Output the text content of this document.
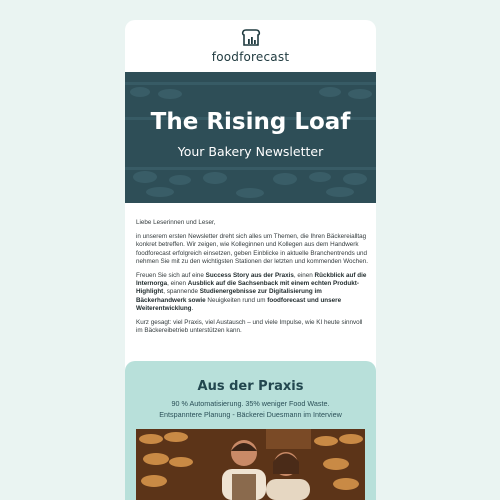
foodforecast
The Rising Loaf
Your Bakery Newsletter

Liebe Leserinnen und Leser,

in unserem ersten Newsletter dreht sich alles um Themen, die Ihren Bäckereialltag konkret betreffen. Wir zeigen, wie Kolleginnen und Kollegen aus dem Handwerk foodforecast erfolgreich einsetzen, geben Einblicke in aktuelle Branchentrends und nehmen Sie mit zu den wichtigsten Stationen der letzten und kommenden Wochen.

Freuen Sie sich auf eine Success Story aus der Praxis, einen Rückblick auf die Internorga, einen Ausblick auf die Sachsenback mit einem echten Produkt-Highlight, spannende Studienergebnisse zur Digitalisierung im Bäckerhandwerk sowie Neuigkeiten rund um foodforecast und unsere Weiterentwicklung.

Kurz gesagt: viel Praxis, viel Austausch – und viele Impulse, wie KI heute sinnvoll im Bäckereibetrieb unterstützen kann.

Aus der Praxis
90 % Automatisierung. 35% weniger Food Waste.
Entspanntere Planung - Bäckerei Duesmann im Interview
